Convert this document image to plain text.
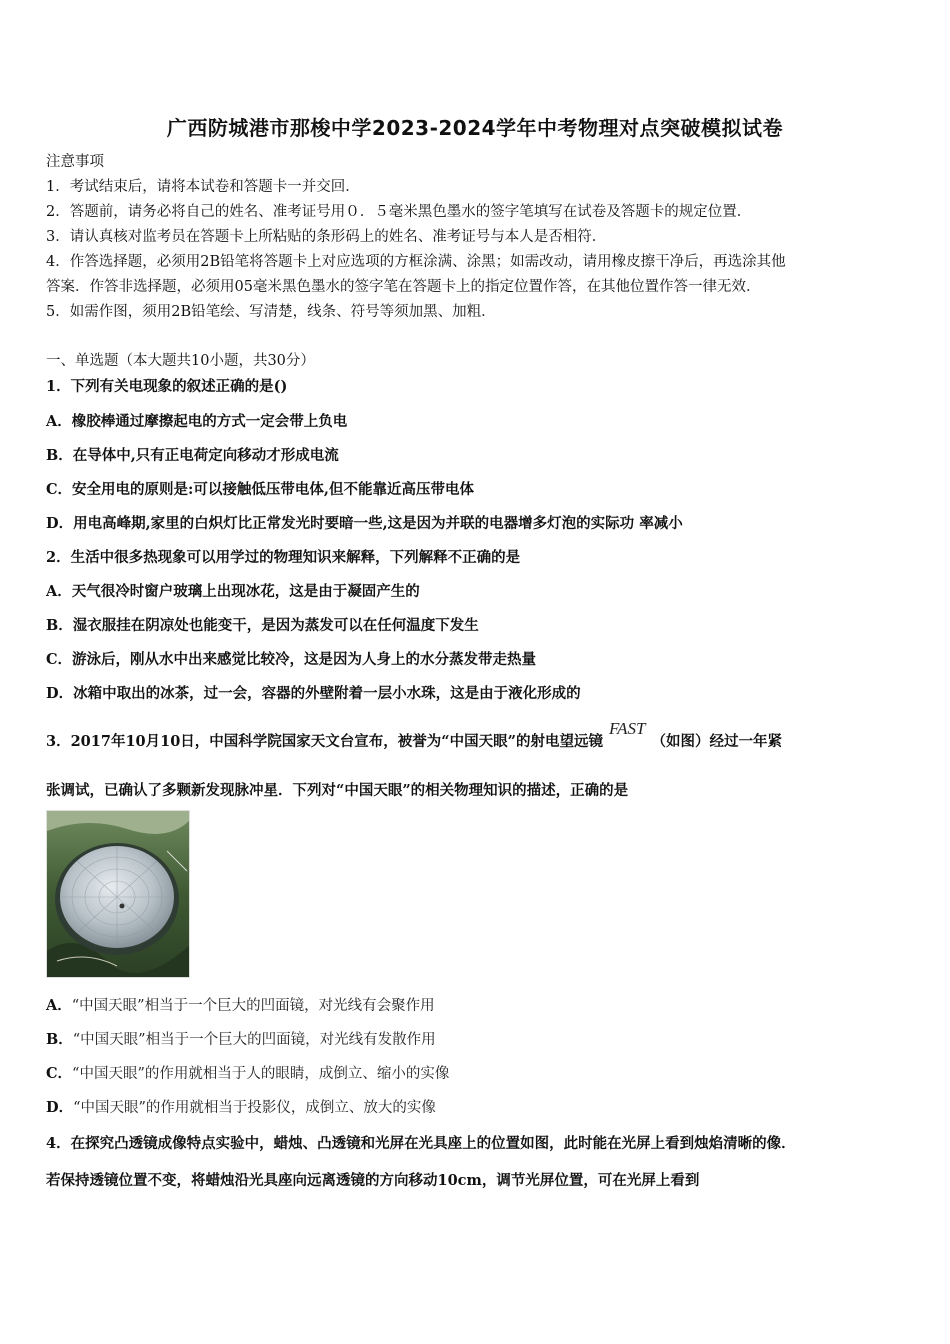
广西防城港市那梭中学2023-2024学年中考物理对点突破模拟试卷
注意事项
1．考试结束后，请将本试卷和答题卡一并交回．
2．答题前，请务必将自己的姓名、准考证号用０．５毫米黑色墨水的签字笔填写在试卷及答题卡的规定位置．
3．请认真核对监考员在答题卡上所粘贴的条形码上的姓名、准考证号与本人是否相符．
4．作答选择题，必须用2B铅笔将答题卡上对应选项的方框涂满、涂黑；如需改动，请用橡皮擦干净后，再选涂其他
答案．作答非选择题，必须用05毫米黑色墨水的签字笔在答题卡上的指定位置作答，在其他位置作答一律无效．
5．如需作图，须用2B铅笔绘、写清楚，线条、符号等须加黑、加粗．
一、单选题（本大题共10小题，共30分）
1．下列有关电现象的叙述正确的是()
A．橡胶棒通过摩擦起电的方式一定会带上负电
B．在导体中,只有正电荷定向移动才形成电流
C．安全用电的原则是:可以接触低压带电体,但不能靠近高压带电体
D．用电高峰期,家里的白炽灯比正常发光时要暗一些,这是因为并联的电器增多灯泡的实际功 率减小
2．生活中很多热现象可以用学过的物理知识来解释，下列解释不正确的是
A．天气很冷时窗户玻璃上出现冰花，这是由于凝固产生的
B．湿衣服挂在阴凉处也能变干，是因为蒸发可以在任何温度下发生
C．游泳后，刚从水中出来感觉比较冷，这是因为人身上的水分蒸发带走热量
D．冰箱中取出的冰茶，过一会，容器的外壁附着一层小水珠，这是由于液化形成的
3．2017年10月10日，中国科学院国家天文台宣布，被誉为“中国天眼”的射电望远镜FAST（如图）经过一年紧
张调试，已确认了多颗新发现脉冲星．下列对“中国天眼”的相关物理知识的描述，正确的是
A．“中国天眼”相当于一个巨大的凹面镜，对光线有会聚作用
B．“中国天眼”相当于一个巨大的凹面镜，对光线有发散作用
C．“中国天眼”的作用就相当于人的眼睛，成倒立、缩小的实像
D．“中国天眼”的作用就相当于投影仪，成倒立、放大的实像
4．在探究凸透镜成像特点实验中，蜡烛、凸透镜和光屏在光具座上的位置如图，此时能在光屏上看到烛焰清晰的像．
若保持透镜位置不变，将蜡烛沿光具座向远离透镜的方向移动10cm，调节光屏位置，可在光屏上看到
